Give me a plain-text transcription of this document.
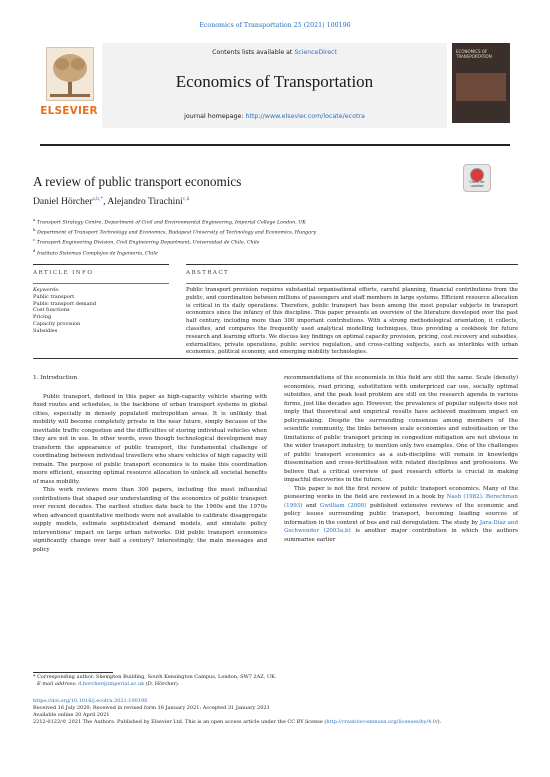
Economics of Transportation 25 (2021) 100196
ELSEVIER
Contents lists available at ScienceDirect
Economics of Transportation
journal homepage: http://www.elsevier.com/locate/ecotra
ECONOMICS OF TRANSPORTATION
Check for
updates
A review of public transport economics
Daniel Hörcher$^{a,b,*}$, Alejandro Tirachini$^{c,d}$
$^a$ Transport Strategy Centre, Department of Civil and Environmental Engineering, Imperial College London, UK
$^b$ Department of Transport Technology and Economics, Budapest University of Technology and Economics, Hungary
$^c$ Transport Engineering Division, Civil Engineering Department, Universidad de Chile, Chile
$^d$ Instituto Sistemas Complejos de Ingeniería, Chile
ARTICLE INFO	ABSTRACT
Keywords:
Public transport
Public transport demand
Cost functions
Pricing
Capacity provision
Subsidies
Public transport provision requires substantial organisational efforts, careful planning, financial contributions from the public, and coordination between millions of passengers and staff members in large systems. Efficient resource allocation is critical in its daily operations. Therefore, public transport has been among the most popular subjects in transport economics since the infancy of this discipline. This paper presents an overview of the literature developed over the past half century, including more than 300 important contributions. With a strong methodological orientation, it collects, classifies, and compares the frequently used analytical modelling techniques, thus providing a cookbook for future research and learning efforts. We discuss key findings on optimal capacity provision, pricing, cost recovery and subsidies, externalities, private operations, public service regulation, and cross-cutting subjects, such as interlinks with urban economics, political economy, and emerging mobility technologies.
1. Introduction

Public transport, defined in this paper as high-capacity vehicle sharing with fixed routes and schedules, is the backbone of urban transport systems in global cities, especially in densely populated metropolitan areas. It is unlikely that mobility will become completely private in the near future, simply because of the inevitable traffic congestion and the difficulties of storing individual vehicles when they are not in use. In other words, even though technological development may transform the appearance of public transport, the fundamental challenge of coordinating between individual travellers who share vehicles of high capacity will remain. The purpose of public transport economics is to make this coordination more efficient, ensuring optimal resource allocation to unlock all societal benefits of mass mobility.

This work reviews more than 300 papers, including the most influential contributions that shaped our understanding of the economics of public transport over recent decades. The earliest studies date back to the 1960s and the 1970s when advanced quantitative methods were not available to calibrate disaggregate supply models, estimate sophisticated demand models, and simulate policy interventions' impact on large urban networks. Did public transport economics significantly change over half a century? Interestingly, the main messages and policy

recommendations of the economists in this field are still the same. Scale (density) economies, road pricing, substitution with underpriced car use, socially optimal subsidies, and the peak load problem are still on the research agenda in various forms, just like decades ago. However, the prevalence of popular subjects does not imply that theoretical and empirical results have achieved maximum impact on policymaking. Despite the surrounding consensus among members of the scientific community, the links between scale economies and subsidisation or the limitations of public transport pricing in congestion mitigation are not obvious in the wider transport industry, to mention only two examples. One of the challenges of public transport economics as a sub-discipline will remain in knowledge dissemination and cross-fertilisation with related disciplines and professions. We believe that a critical overview of past research efforts is crucial in making impactful discoveries in the future.

This paper is not the first review of public transport economics. Many of the pioneering works in the field are reviewed in a book by Nash (1982). Berechman (1993) and Gwilliam (2008) published extensive reviews of the economic and policy issues surrounding public transport, becoming leading sources of information in the context of bus and rail deregulation. The study by Jara-Díaz and Gschwender (2003a,b) is another major contribution in which the authors summarise earlier

* Corresponding author. Skempton Building, South Kensington Campus, London, SW7 2AZ, UK.
E-mail address: d.horcher@imperial.ac.uk (D. Hörcher).
https://doi.org/10.1016/j.ecotra.2021.100196
Received 16 July 2020; Received in revised form 16 January 2021; Accepted 31 January 2021
Available online 20 April 2021
2212-0122/© 2021 The Authors. Published by Elsevier Ltd. This is an open access article under the CC BY license (http://creativecommons.org/licenses/by/4.0/).
